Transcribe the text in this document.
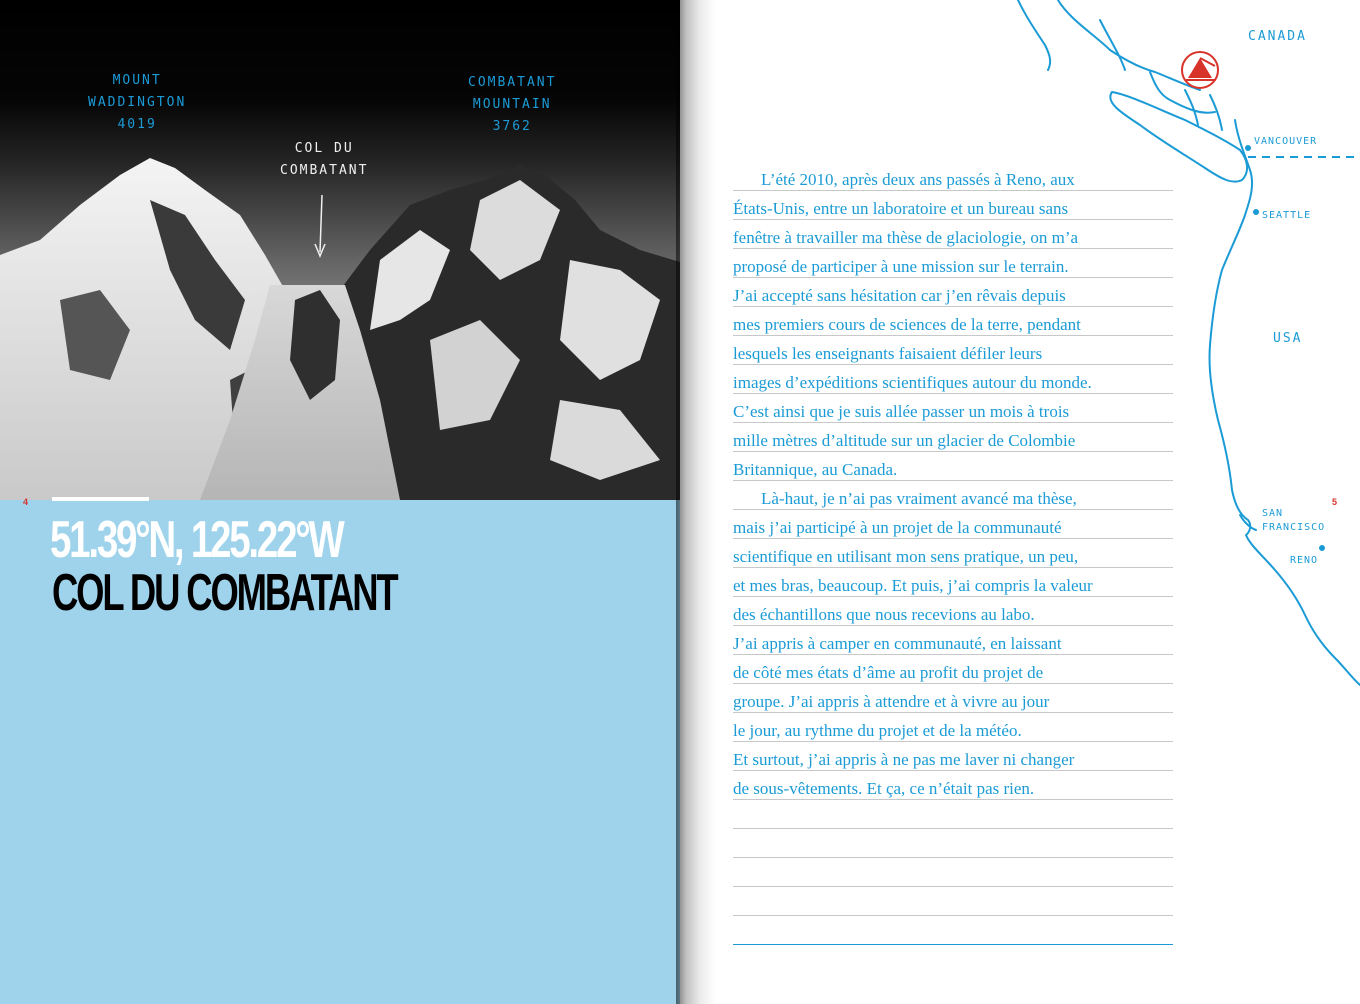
MOUNT
WADDINGTON
4019
COL DU
COMBATANT
COMBATANT
MOUNTAIN
3762
4
51.39°N, 125.22°W
COL DU COMBATANT
L’été 2010, après deux ans passés à Reno, aux
États-Unis, entre un laboratoire et un bureau sans
fenêtre à travailler ma thèse de glaciologie, on m’a
proposé de participer à une mission sur le terrain.
J’ai accepté sans hésitation car j’en rêvais depuis
mes premiers cours de sciences de la terre, pendant
lesquels les enseignants faisaient défiler leurs
images d’expéditions scientifiques autour du monde.
C’est ainsi que je suis allée passer un mois à trois
mille mètres d’altitude sur un glacier de Colombie
Britannique, au Canada.
Là-haut, je n’ai pas vraiment avancé ma thèse,
mais j’ai participé à un projet de la communauté
scientifique en utilisant mon sens pratique, un peu,
et mes bras, beaucoup. Et puis, j’ai compris la valeur
des échantillons que nous recevions au labo.
J’ai appris à camper en communauté, en laissant
de côté mes états d’âme au profit du projet de
groupe. J’ai appris à attendre et à vivre au jour
le jour, au rythme du projet et de la météo.
Et surtout, j’ai appris à ne pas me laver ni changer
de sous-vêtements. Et ça, ce n’était pas rien.
CANADA
VANCOUVER
SEATTLE
USA
SAN
FRANCISCO
RENO
5
